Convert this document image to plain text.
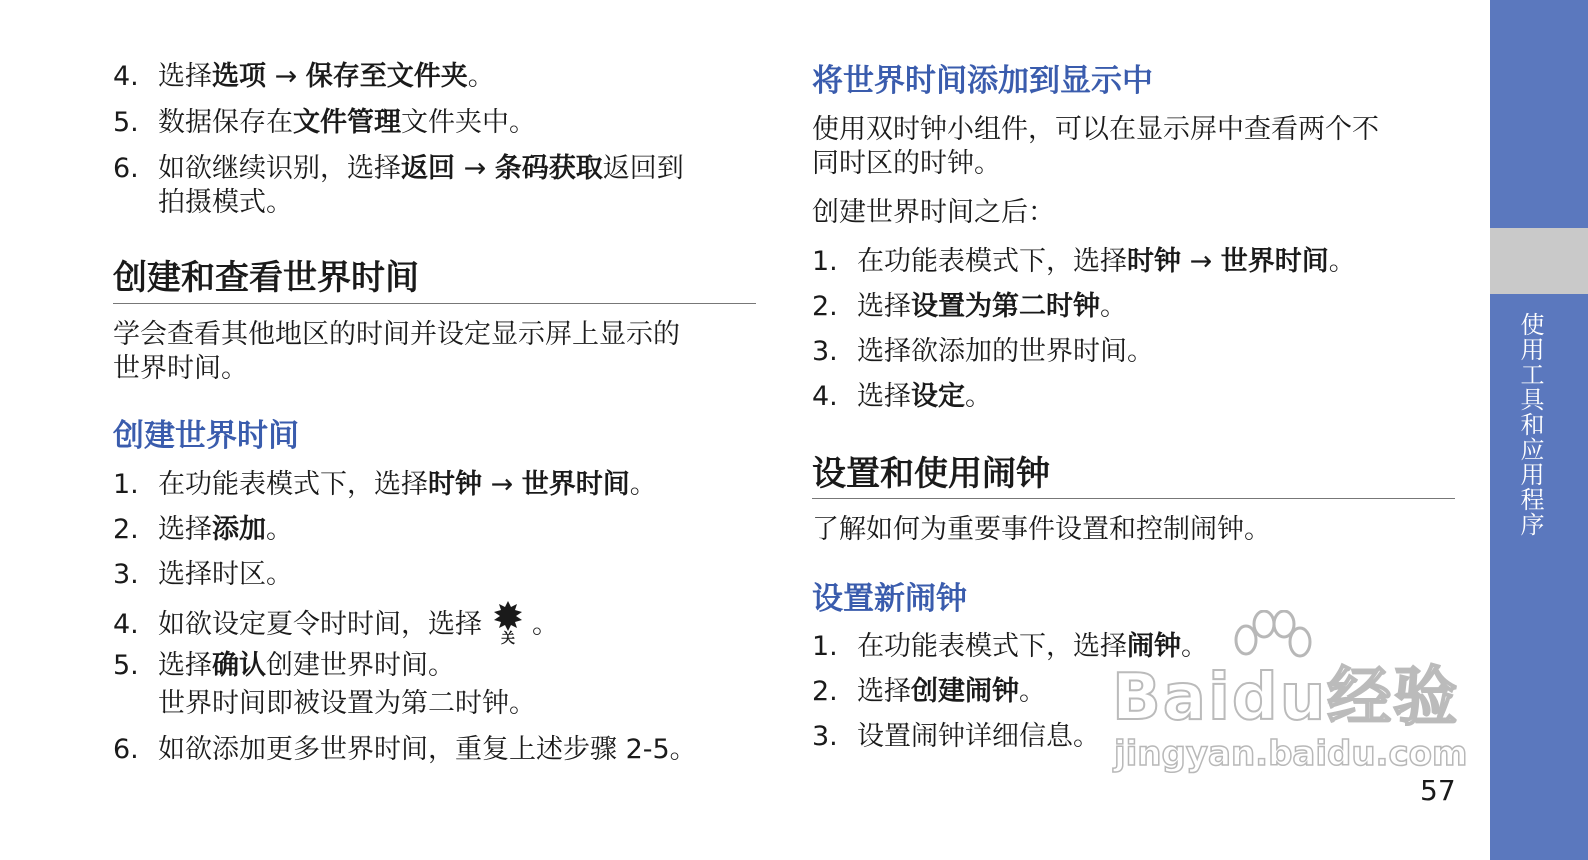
4. 选择选项 → 保存至文件夹。
5. 数据保存在文件管理文件夹中。
6. 如欲继续识别，选择返回 → 条码获取返回到
拍摄模式。
创建和查看世界时间
学会查看其他地区的时间并设定显示屏上显示的
世界时间。
创建世界时间
1. 在功能表模式下，选择时钟 → 世界时间。
2. 选择添加。
3. 选择时区。
4. 如欲设定夏令时时间，选择	关 。
5. 选择确认创建世界时间。
世界时间即被设置为第二时钟。
6. 如欲添加更多世界时间，重复上述步骤 2-5。
将世界时间添加到显示中
使用双时钟小组件，可以在显示屏中查看两个不
同时区的时钟。
创建世界时间之后：
1. 在功能表模式下，选择时钟 → 世界时间。
2. 选择设置为第二时钟。
3. 选择欲添加的世界时间。
4. 选择设定。
设置和使用闹钟
了解如何为重要事件设置和控制闹钟。
设置新闹钟
1. 在功能表模式下，选择闹钟。
2. 选择创建闹钟。
3. 设置闹钟详细信息。
Baidu经验
jingyan.baidu.com
57
使用工具和应用程序
